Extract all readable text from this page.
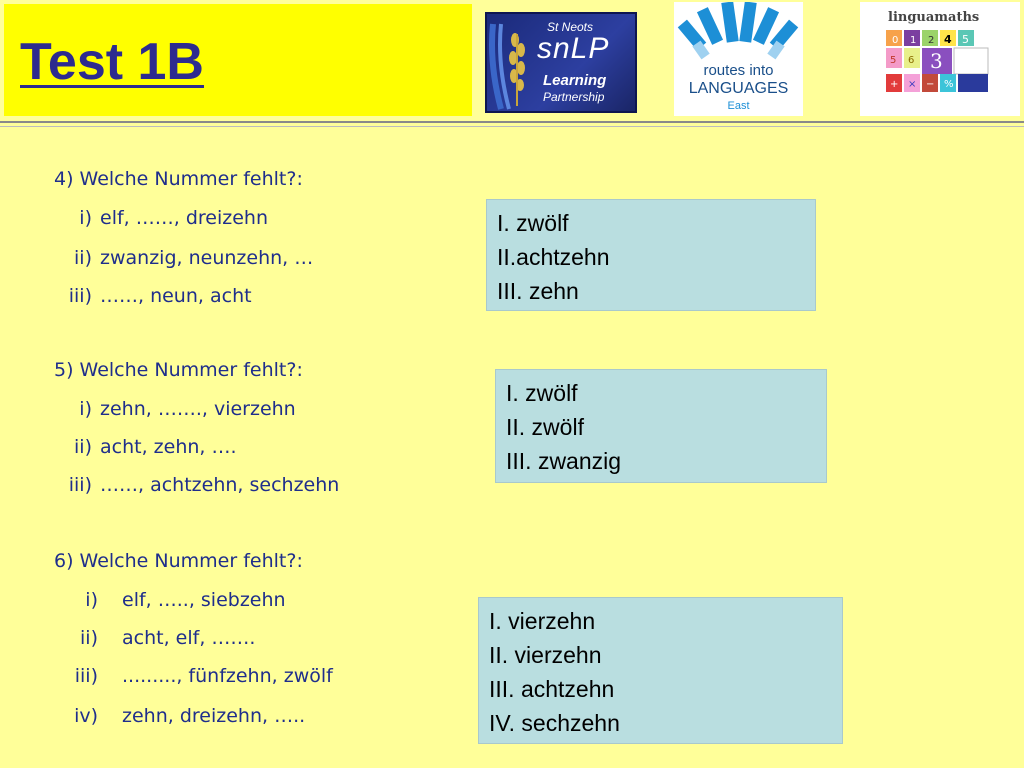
Test 1B
St Neots
snLP
Learning
Partnership
routes into
LANGUAGES
East
linguamaths
0 1 2 4 5
5 6 3
+ × − %
4) Welche Nummer fehlt?:
i) elf, ……, dreizehn
ii) zwanzig, neunzehn, …
iii) ……, neun, acht
5) Welche Nummer fehlt?:
i) zehn, ……., vierzehn
ii) acht, zehn, ….
iii) ……, achtzehn, sechzehn
6) Welche Nummer fehlt?:
i) elf, ….., siebzehn
ii) acht, elf, …….
iii) ........., fünfzehn, zwölf
iv) zehn, dreizehn, …..
I. zwölf
II.achtzehn
III. zehn
I. zwölf
II. zwölf
III. zwanzig
I. vierzehn
II. vierzehn
III. achtzehn
IV. sechzehn
